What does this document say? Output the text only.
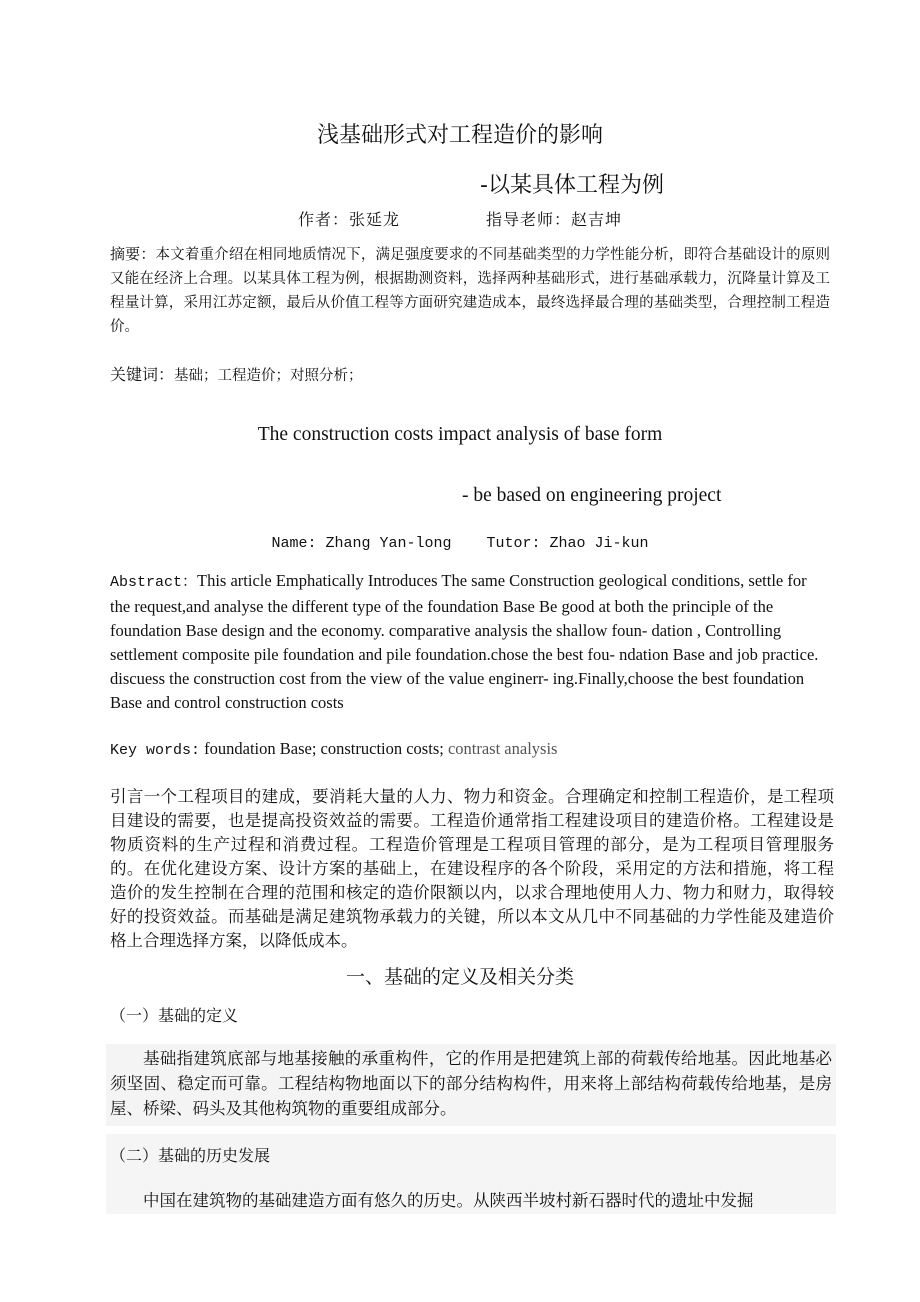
浅基础形式对工程造价的影响
-以某具体工程为例
作者：张延龙	指导老师：赵吉坤
摘要：本文着重介绍在相同地质情况下，满足强度要求的不同基础类型的力学性能分析，即符合基础设计的原则又能在经济上合理。以某具体工程为例，根据勘测资料，选择两种基础形式，进行基础承载力，沉降量计算及工程量计算，采用江苏定额，最后从价值工程等方面研究建造成本，最终选择最合理的基础类型，合理控制工程造价。
关键词：基础；工程造价；对照分析；
The construction costs impact analysis of base form
- be based on engineering project
Name: Zhang Yan-long Tutor: Zhao Ji-kun
Abstract：This article Emphatically Introduces The same Construction geological conditions, settle for the request,and analyse the different type of the foundation Base Be good at both the principle of the foundation Base design and the economy. comparative analysis the shallow foun- dation , Controlling settlement composite pile foundation and pile foundation.chose the best fou- ndation Base and job practice. discuess the construction cost from the view of the value enginerr- ing.Finally,choose the best foundation Base and control construction costs
Key words: foundation Base; construction costs; contrast analysis
引言一个工程项目的建成，要消耗大量的人力、物力和资金。合理确定和控制工程造价，是工程项目建设的需要，也是提高投资效益的需要。工程造价通常指工程建设项目的建造价格。工程建设是物质资料的生产过程和消费过程。工程造价管理是工程项目管理的部分，是为工程项目管理服务的。在优化建设方案、设计方案的基础上，在建设程序的各个阶段，采用定的方法和措施，将工程造价的发生控制在合理的范围和核定的造价限额以内，以求合理地使用人力、物力和财力，取得较好的投资效益。而基础是满足建筑物承载力的关键，所以本文从几中不同基础的力学性能及建造价格上合理选择方案，以降低成本。
一、基础的定义及相关分类
（一）基础的定义
基础指建筑底部与地基接触的承重构件，它的作用是把建筑上部的荷载传给地基。因此地基必须坚固、稳定而可靠。工程结构物地面以下的部分结构构件，用来将上部结构荷载传给地基，是房屋、桥梁、码头及其他构筑物的重要组成部分。
（二）基础的历史发展
中国在建筑物的基础建造方面有悠久的历史。从陕西半坡村新石器时代的遗址中发掘
